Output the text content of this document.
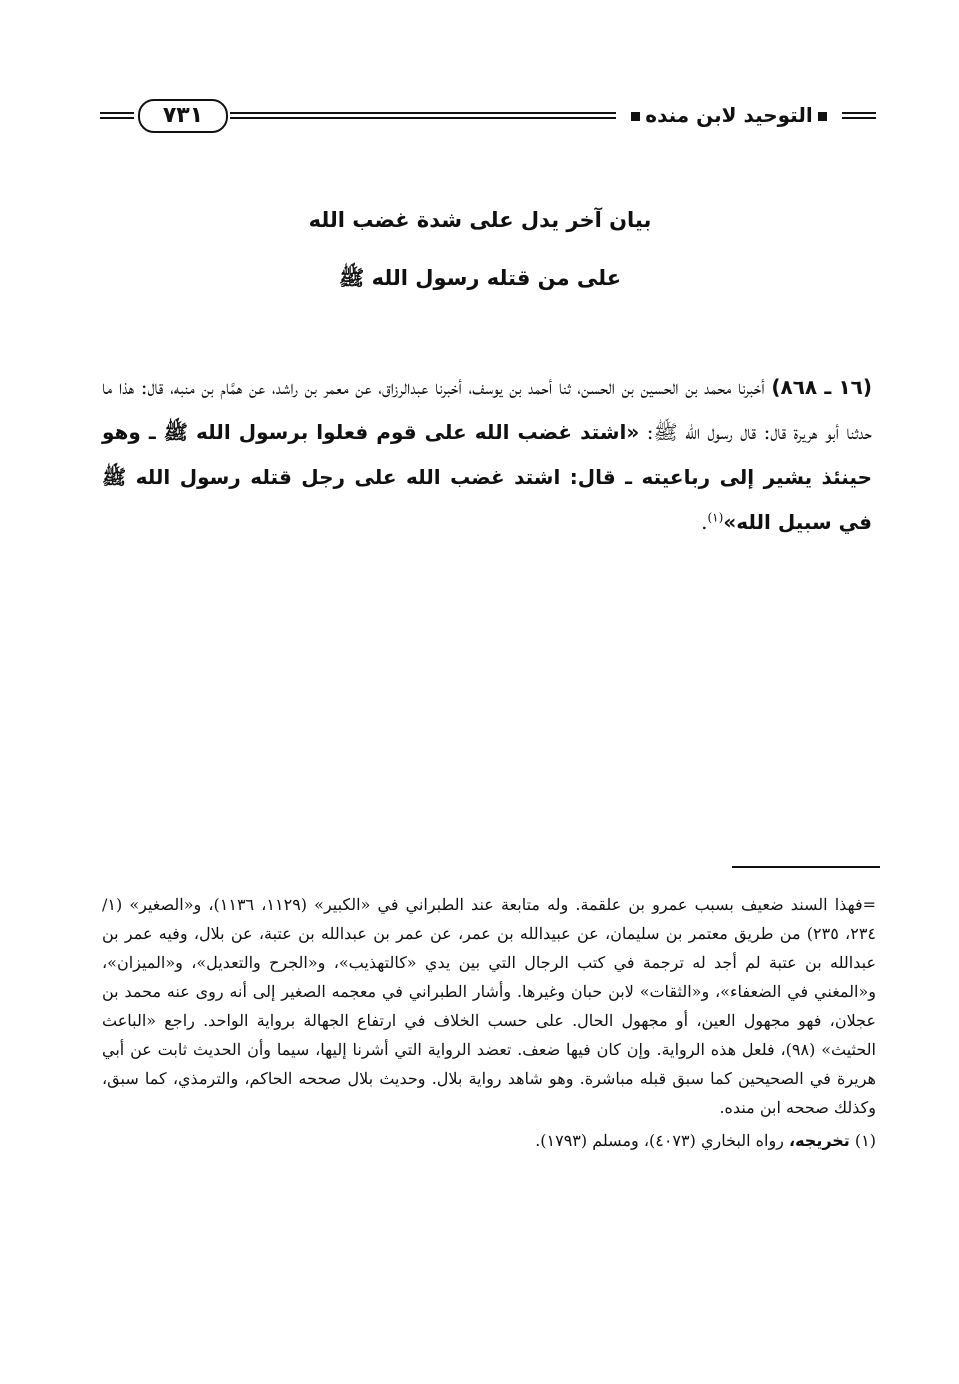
٧٣١	التوحيد لابن منده
بيان آخر يدل على شدة غضب الله
على من قتله رسول الله ﷺ
(١٦ ـ ٨٦٨) أخبرنا محمد بن الحسين بن الحسن، ثنا أحمد بن يوسف، أخبرنا عبدالرزاق، عن معمر بن راشد، عن همَّام بن منبه، قال: هذا ما حدثنا أبو هريرة قال: قال رسول الله ﷺ: «اشتد غضب الله على قوم فعلوا برسول الله ﷺ ـ وهو حينئذ يشير إلى رباعيته ـ قال: اشتد غضب الله على رجل قتله رسول الله ﷺ في سبيل الله»$^{(١)}$.
=فهذا السند ضعيف بسبب عمرو بن علقمة. وله متابعة عند الطبراني في «الكبير» (١١٢٩، ١١٣٦)، و«الصغير» (١/ ٢٣٤، ٢٣٥) من طريق معتمر بن سليمان، عن عبيدالله بن عمر، عن عمر بن عبدالله بن عتبة، عن بلال، وفيه عمر بن عبدالله بن عتبة لم أجد له ترجمة في كتب الرجال التي بين يدي «كالتهذيب»، و«الجرح والتعديل»، و«الميزان»، و«المغني في الضعفاء»، و«الثقات» لابن حبان وغيرها. وأشار الطبراني في معجمه الصغير إلى أنه روى عنه محمد بن عجلان، فهو مجهول العين، أو مجهول الحال. على حسب الخلاف في ارتفاع الجهالة برواية الواحد. راجع «الباعث الحثيث» (٩٨)، فلعل هذه الرواية. وإن كان فيها ضعف. تعضد الرواية التي أشرنا إليها، سيما وأن الحديث ثابت عن أبي هريرة في الصحيحين كما سبق قبله مباشرة. وهو شاهد رواية بلال. وحديث بلال صححه الحاكم، والترمذي، كما سبق، وكذلك صححه ابن منده.
(١) تخريجه، رواه البخاري (٤٠٧٣)، ومسلم (١٧٩٣).
